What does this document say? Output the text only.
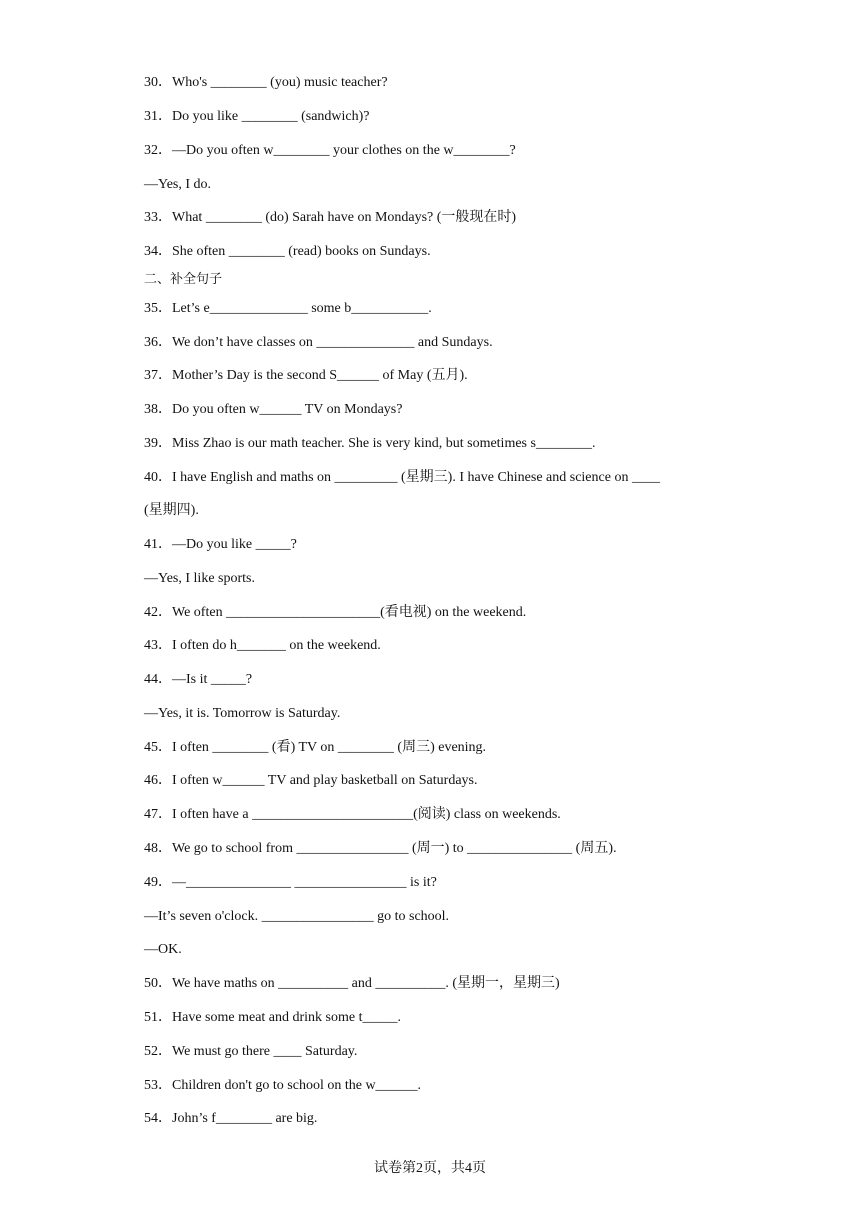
30．Who's ________ (you) music teacher?
31．Do you like ________ (sandwich)?
32．—Do you often w________ your clothes on the w________?
—Yes, I do.
33．What ________ (do) Sarah have on Mondays? (一般现在时)
34．She often ________ (read) books on Sundays.
二、补全句子
35．Let’s e______________ some b___________.
36．We don’t have classes on ______________ and Sundays.
37．Mother’s Day is the second S______ of May (五月).
38．Do you often w______ TV on Mondays?
39．Miss Zhao is our math teacher. She is very kind, but sometimes s________.
40．I have English and maths on _________ (星期三). I have Chinese and science on ____
(星期四).
41．—Do you like _____?
—Yes, I like sports.
42．We often ______________________(看电视) on the weekend.
43．I often do h_______ on the weekend.
44．—Is it _____?
—Yes, it is. Tomorrow is Saturday.
45．I often ________ (看) TV on ________ (周三) evening.
46．I often w______ TV and play basketball on Saturdays.
47．I often have a _______________________(阅读) class on weekends.
48．We go to school from ________________ (周一) to _______________ (周五).
49．—_______________ ________________ is it?
—It’s seven o'clock. ________________ go to school.
—OK.
50．We have maths on __________ and __________. (星期一，星期三)
51．Have some meat and drink some t_____.
52．We must go there ____ Saturday.
53．Children don't go to school on the w______.
54．John’s f________ are big.
试卷第2页，共4页
